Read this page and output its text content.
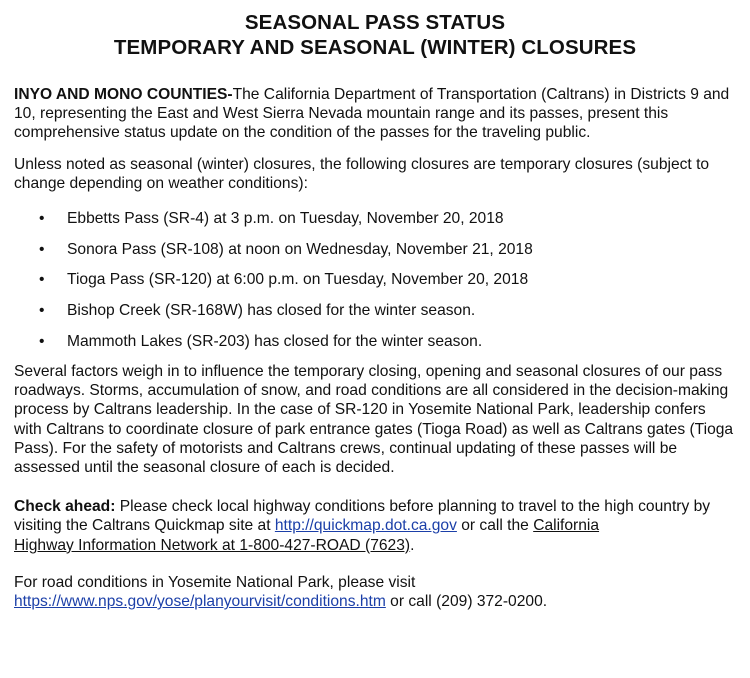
SEASONAL PASS STATUS
TEMPORARY AND SEASONAL (WINTER) CLOSURES

INYO AND MONO COUNTIES-The California Department of Transportation (Caltrans) in Districts 9 and 10, representing the East and West Sierra Nevada mountain range and its passes, present this comprehensive status update on the condition of the passes for the traveling public.

Unless noted as seasonal (winter) closures, the following closures are temporary closures (subject to change depending on weather conditions):

• Ebbetts Pass (SR-4) at 3 p.m. on Tuesday, November 20, 2018
• Sonora Pass (SR-108) at noon on Wednesday, November 21, 2018
• Tioga Pass (SR-120) at 6:00 p.m. on Tuesday, November 20, 2018
• Bishop Creek (SR-168W) has closed for the winter season.
• Mammoth Lakes (SR-203) has closed for the winter season.

Several factors weigh in to influence the temporary closing, opening and seasonal closures of our pass roadways. Storms, accumulation of snow, and road conditions are all considered in the decision-making process by Caltrans leadership. In the case of SR-120 in Yosemite National Park, leadership confers with Caltrans to coordinate closure of park entrance gates (Tioga Road) as well as Caltrans gates (Tioga Pass). For the safety of motorists and Caltrans crews, continual updating of these passes will be assessed until the seasonal closure of each is decided.

Check ahead: Please check local highway conditions before planning to travel to the high country by visiting the Caltrans Quickmap site at http://quickmap.dot.ca.gov or call the California
Highway Information Network at 1-800-427-ROAD (7623).

For road conditions in Yosemite National Park, please visit
https://www.nps.gov/yose/planyourvisit/conditions.htm or call (209) 372-0200.
